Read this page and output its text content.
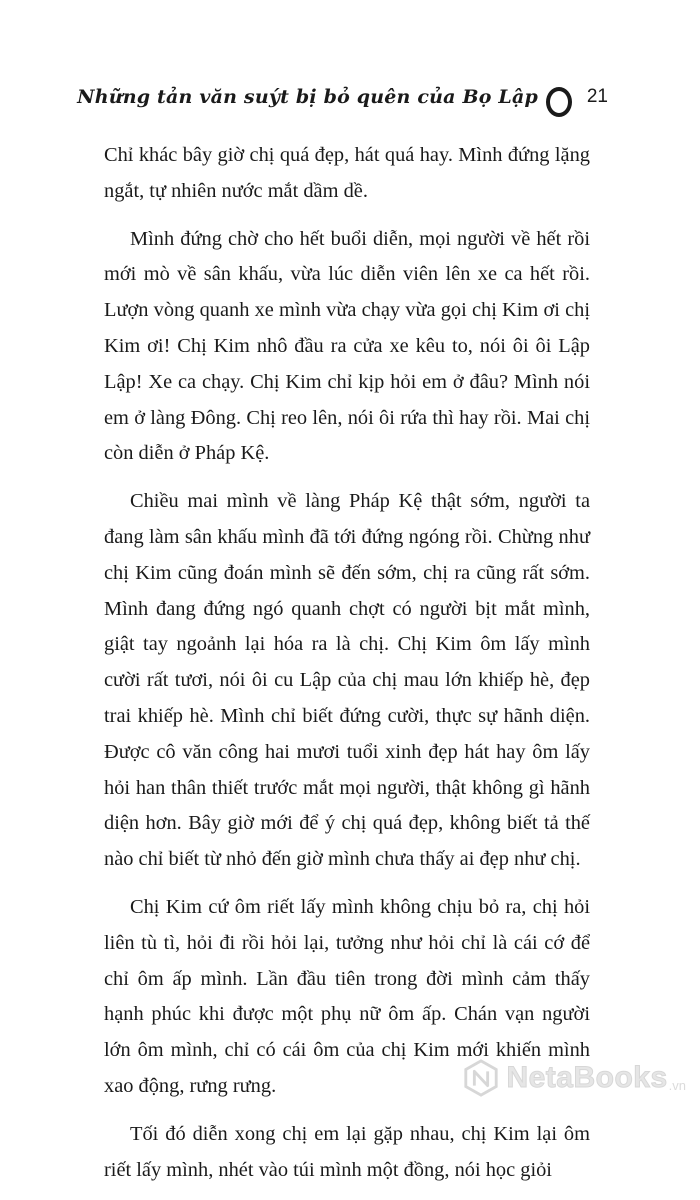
Những tản văn suýt bị bỏ quên của Bọ Lập	21

Chỉ khác bây giờ chị quá đẹp, hát quá hay. Mình đứng lặng ngắt, tự nhiên nước mắt dầm dề.

Mình đứng chờ cho hết buổi diễn, mọi người về hết rồi mới mò về sân khấu, vừa lúc diễn viên lên xe ca hết rồi. Lượn vòng quanh xe mình vừa chạy vừa gọi chị Kim ơi chị Kim ơi! Chị Kim nhô đầu ra cửa xe kêu to, nói ôi ôi Lập Lập! Xe ca chạy. Chị Kim chỉ kịp hỏi em ở đâu? Mình nói em ở làng Đông. Chị reo lên, nói ôi rứa thì hay rồi. Mai chị còn diễn ở Pháp Kệ.

Chiều mai mình về làng Pháp Kệ thật sớm, người ta đang làm sân khấu mình đã tới đứng ngóng rồi. Chừng như chị Kim cũng đoán mình sẽ đến sớm, chị ra cũng rất sớm. Mình đang đứng ngó quanh chợt có người bịt mắt mình, giật tay ngoảnh lại hóa ra là chị. Chị Kim ôm lấy mình cười rất tươi, nói ôi cu Lập của chị mau lớn khiếp hè, đẹp trai khiếp hè. Mình chỉ biết đứng cười, thực sự hãnh diện. Được cô văn công hai mươi tuổi xinh đẹp hát hay ôm lấy hỏi han thân thiết trước mắt mọi người, thật không gì hãnh diện hơn. Bây giờ mới để ý chị quá đẹp, không biết tả thế nào chỉ biết từ nhỏ đến giờ mình chưa thấy ai đẹp như chị.

Chị Kim cứ ôm riết lấy mình không chịu bỏ ra, chị hỏi liên tù tì, hỏi đi rồi hỏi lại, tưởng như hỏi chỉ là cái cớ để chỉ ôm ấp mình. Lần đầu tiên trong đời mình cảm thấy hạnh phúc khi được một phụ nữ ôm ấp. Chán vạn người lớn ôm mình, chỉ có cái ôm của chị Kim mới khiến mình xao động, rưng rưng.

Tối đó diễn xong chị em lại gặp nhau, chị Kim lại ôm riết lấy mình, nhét vào túi mình một đồng, nói học giỏi

NetaBooks .vn
